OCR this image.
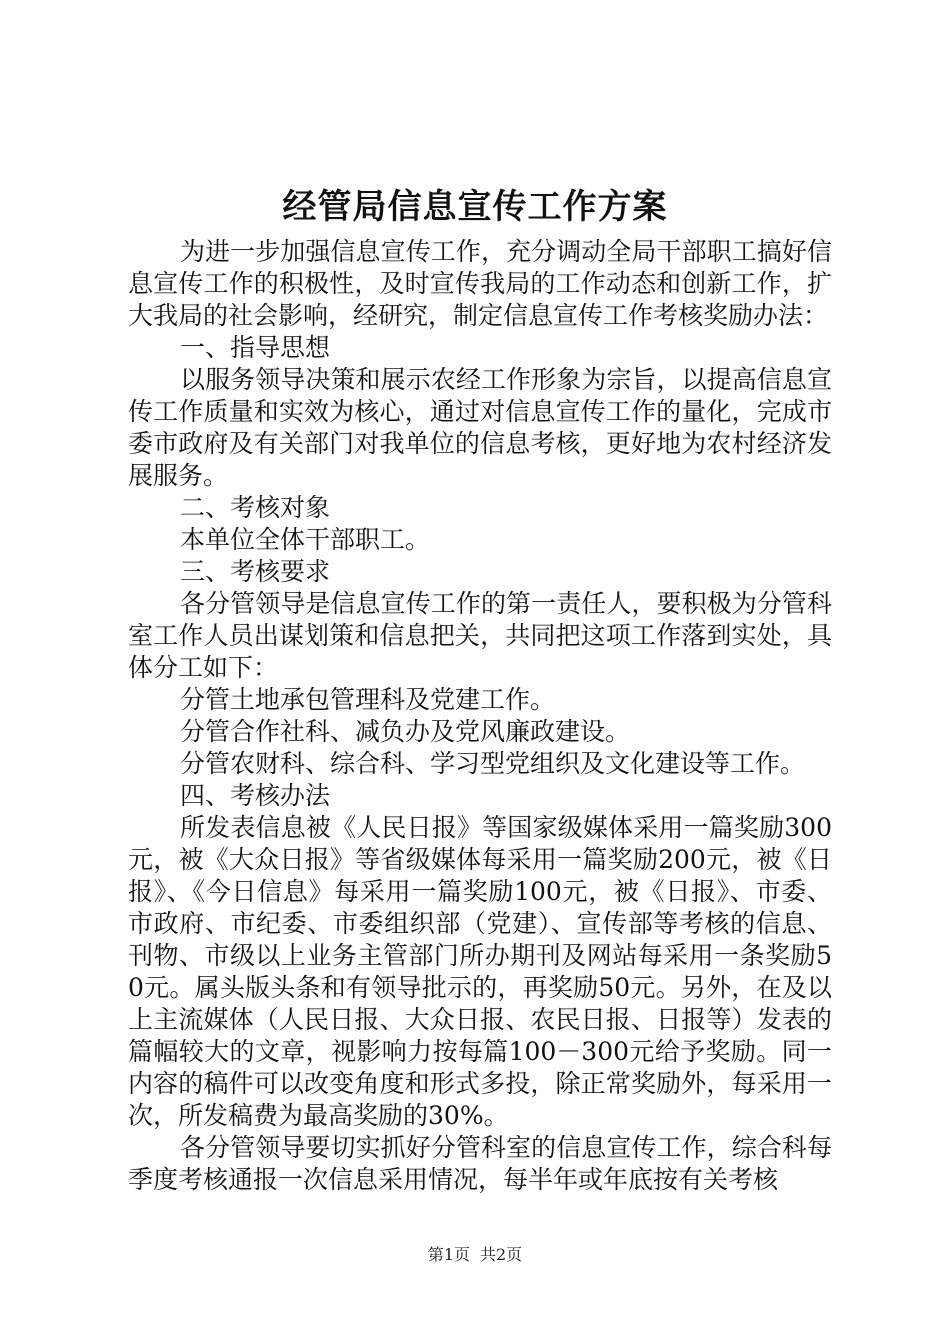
经管局信息宣传工作方案

为进一步加强信息宣传工作，充分调动全局干部职工搞好信息宣传工作的积极性，及时宣传我局的工作动态和创新工作，扩大我局的社会影响，经研究，制定信息宣传工作考核奖励办法：

一、指导思想

以服务领导决策和展示农经工作形象为宗旨，以提高信息宣传工作质量和实效为核心，通过对信息宣传工作的量化，完成市委市政府及有关部门对我单位的信息考核，更好地为农村经济发展服务。

二、考核对象

本单位全体干部职工。

三、考核要求

各分管领导是信息宣传工作的第一责任人，要积极为分管科室工作人员出谋划策和信息把关，共同把这项工作落到实处，具体分工如下：

分管土地承包管理科及党建工作。

分管合作社科、减负办及党风廉政建设。

分管农财科、综合科、学习型党组织及文化建设等工作。

四、考核办法

所发表信息被《人民日报》等国家级媒体采用一篇奖励300元，被《大众日报》等省级媒体每采用一篇奖励200元，被《日报》、《今日信息》每采用一篇奖励100元，被《日报》、市委、市政府、市纪委、市委组织部（党建）、宣传部等考核的信息、刊物、市级以上业务主管部门所办期刊及网站每采用一条奖励50元。属头版头条和有领导批示的，再奖励50元。另外，在及以上主流媒体（人民日报、大众日报、农民日报、日报等）发表的篇幅较大的文章，视影响力按每篇100－300元给予奖励。同一内容的稿件可以改变角度和形式多投，除正常奖励外，每采用一次，所发稿费为最高奖励的30%。

各分管领导要切实抓好分管科室的信息宣传工作，综合科每季度考核通报一次信息采用情况，每半年或年底按有关考核

第1页 共2页
